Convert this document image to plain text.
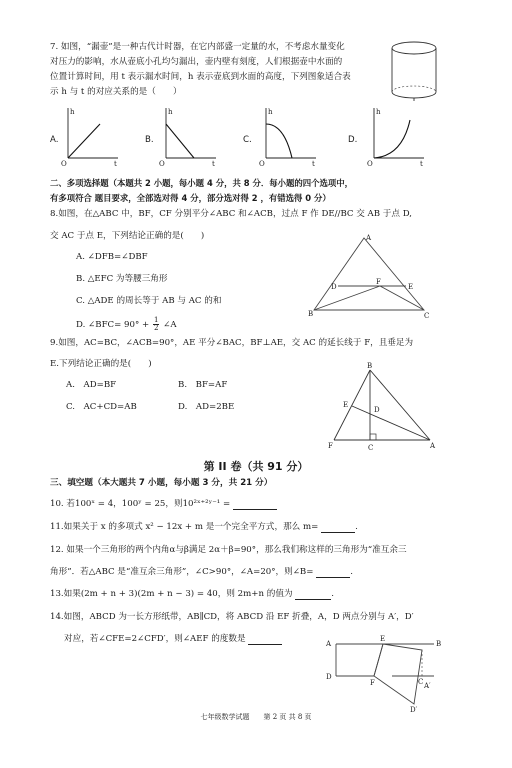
7. 如图，“漏壶”是一种古代计时器，在它内部盛一定量的水，不考虑水量变化
对压力的影响，水从壶底小孔均匀漏出，壶内壁有刻度，人们根据壶中水面的
位置计算时间，用 t 表示漏水时间，h 表示壶底到水面的高度，下列图象适合表
示 h 与 t 的对应关系的是（　　）
A.	B.	C.	D.
h
t
O
h
t
O
h
t
O
h
t
O
二、多项选择题（本题共 2 小题，每小题 4 分，共 8 分．每小题的四个选项中，
有多项符合 题目要求，全部选对得 4 分，部分选对得 2 ，有错选得 0 分）
8.如图，在△ABC 中，BF，CF 分别平分∠ABC 和∠ACB，过点 F 作 DE//BC 交 AB 于点 D,
交 AC 于点 E，下列结论正确的是(　　)
A. ∠DFB=∠DBF
B. △EFC 为等腰三角形
C. △ADE 的周长等于 AB 与 AC 的和
D. ∠BFC= $90^\circ + \frac{1}{2}$ ∠A
A
D
F
E
B	C
9.如图，AC=BC，∠ACB=90°，AE 平分∠BAC，BF⊥AE，交 AC 的延长线于 F，且垂足为
E.下列结论正确的是(　　)
A.　AD=BF	B.　BF=AF
C.　AC+CD=AB	D.　AD=2BE
B
E
D
F	C	A
第 II 卷（共 91 分）
三、填空题（本大题共 7 小题，每小题 3 分，共 21 分）
10. 若100ˣ = 4，100ʸ = 25，则10²ˣ⁺²ʸ⁻¹ =
11.如果关于 x 的多项式 x² − 12x + m 是一个完全平方式，那么 m=	.
12. 如果一个三角形的两个内角α与β满足 2α＋β=90°，那么我们称这样的三角形为“准互余三
角形”．若△ABC 是“准互余三角形”，∠C>90°，∠A=20°，则∠B=	.
13.如果(2m + n + 3)(2m + n − 3) = 40，则 2m+n 的值为	.
14.如图，ABCD 为一长方形纸带，AB∥CD，将 ABCD 沿 EF 折叠，A，D 两点分别与 A′，D′
对应，若∠CFE=2∠CFD′，则∠AEF 的度数是	A
E
B
D
F	C A′
D′
七年级数学试题　　第 2 页 共 8 页
